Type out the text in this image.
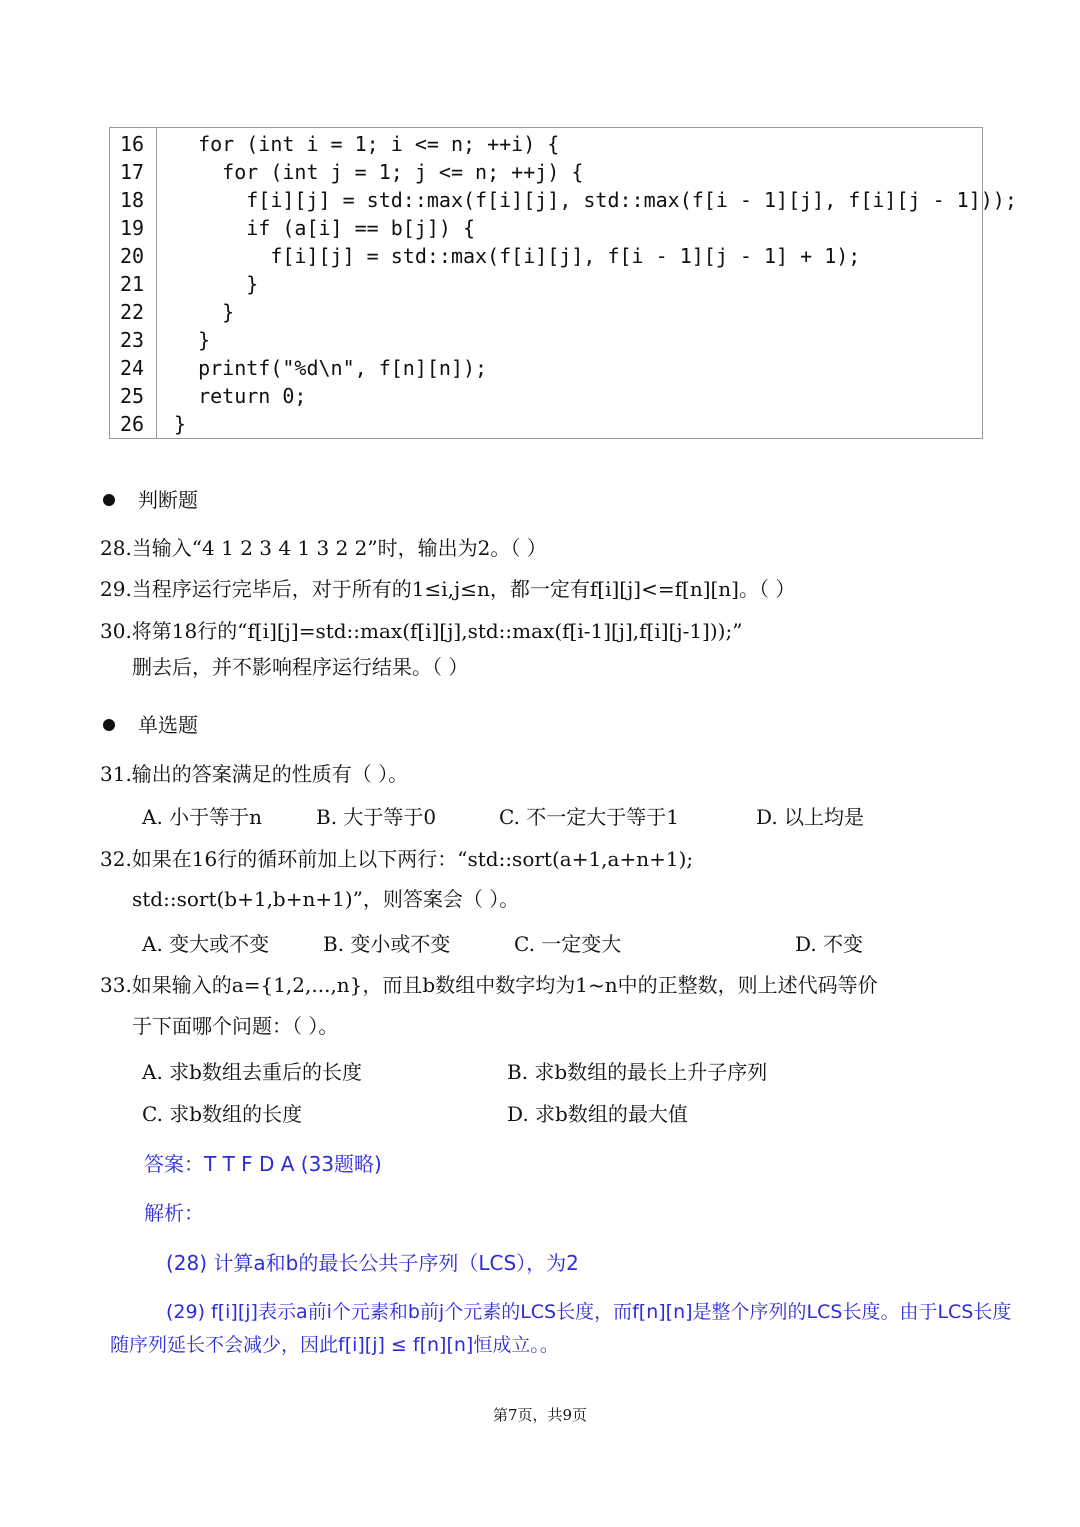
16 for (int i = 1; i <= n; ++i) {
17 for (int j = 1; j <= n; ++j) {
18 f[i][j] = std::max(f[i][j], std::max(f[i - 1][j], f[i][j - 1]));
19 if (a[i] == b[j]) {
20 f[i][j] = std::max(f[i][j], f[i - 1][j - 1] + 1);
21 }
22 }
23 }
24 printf("%d\n", f[n][n]);
25 return 0;
26 }
判断题
28.当输入“4 1 2 3 4 1 3 2 2”时，输出为2。（ ）
29.当程序运行完毕后，对于所有的1≤i,j≤n，都一定有f[i][j]<=f[n][n]。（ ）
30.将第18行的“f[i][j]=std::max(f[i][j],std::max(f[i-1][j],f[i][j-1]));”
删去后，并不影响程序运行结果。（ ）
单选题
31.输出的答案满足的性质有（ ）。
A. 小于等于n	B. 大于等于0	C. 不一定大于等于1	D. 以上均是
32.如果在16行的循环前加上以下两行：“std::sort(a+1,a+n+1);
std::sort(b+1,b+n+1)”，则答案会（ ）。
A. 变大或不变	B. 变小或不变	C. 一定变大	D. 不变
33.如果输入的a={1,2,...,n}，而且b数组中数字均为1~n中的正整数，则上述代码等价
于下面哪个问题：（ ）。
A. 求b数组去重后的长度	B. 求b数组的最长上升子序列
C. 求b数组的长度	D. 求b数组的最大值
答案：T T F D A (33题略)
解析：
(28) 计算a和b的最长公共子序列（LCS），为2
(29) f[i][j]表示a前i个元素和b前j个元素的LCS长度，而f[n][n]是整个序列的LCS长度。由于LCS长度
随序列延长不会减少，因此f[i][j] ≤ f[n][n]恒成立。。
第7页，共9页
